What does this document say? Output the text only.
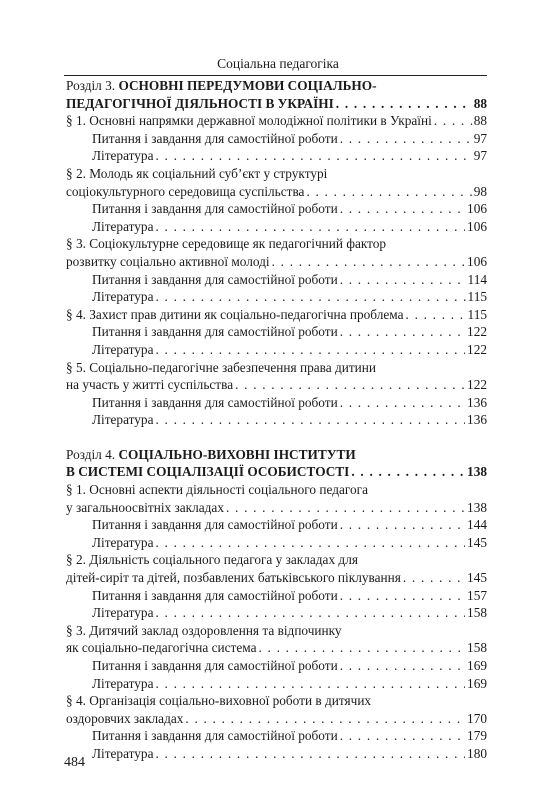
Соціальна педагогіка
Розділ 3. ОСНОВНІ ПЕРЕДУМОВИ СОЦІАЛЬНО-
ПЕДАГОГІЧНОЇ ДІЯЛЬНОСТІ В УКРАЇНІ . . .	88
§ 1. Основні напрямки державної молодіжної політики в Україні . . .	88
Питання і завдання для самостійної роботи . . .	97
Література . . .	97
§ 2. Молодь як соціальний суб’єкт у структурі
соціокультурного середовища суспільства . . .	98
Питання і завдання для самостійної роботи . . .	106
Література . . .	106
§ 3. Соціокультурне середовище як педагогічний фактор
розвитку соціально активної молоді . . .	106
Питання і завдання для самостійної роботи . . .	114
Література . . .	115
§ 4. Захист прав дитини як соціально-педагогічна проблема . . .	115
Питання і завдання для самостійної роботи . . .	122
Література . . .	122
§ 5. Соціально-педагогічне забезпечення права дитини
на участь у житті суспільства . . .	122
Питання і завдання для самостійної роботи . . .	136
Література . . .	136
Розділ 4. СОЦІАЛЬНО-ВИХОВНІ ІНСТИТУТИ
В СИСТЕМІ СОЦІАЛІЗАЦІЇ ОСОБИСТОСТІ . . .	138
§ 1. Основні аспекти діяльності соціального педагога
у загальноосвітніх закладах . . .	138
Питання і завдання для самостійної роботи . . .	144
Література . . .	145
§ 2. Діяльність соціального педагога у закладах для
дітей-сиріт та дітей, позбавлених батьківського піклування . . .	145
Питання і завдання для самостійної роботи . . .	157
Література . . .	158
§ 3. Дитячий заклад оздоровлення та відпочинку
як соціально-педагогічна система . . .	158
Питання і завдання для самостійної роботи . . .	169
Література . . .	169
§ 4. Організація соціально-виховної роботи в дитячих
оздоровчих закладах . . .	170
Питання і завдання для самостійної роботи . . .	179
Література . . .	180
484
